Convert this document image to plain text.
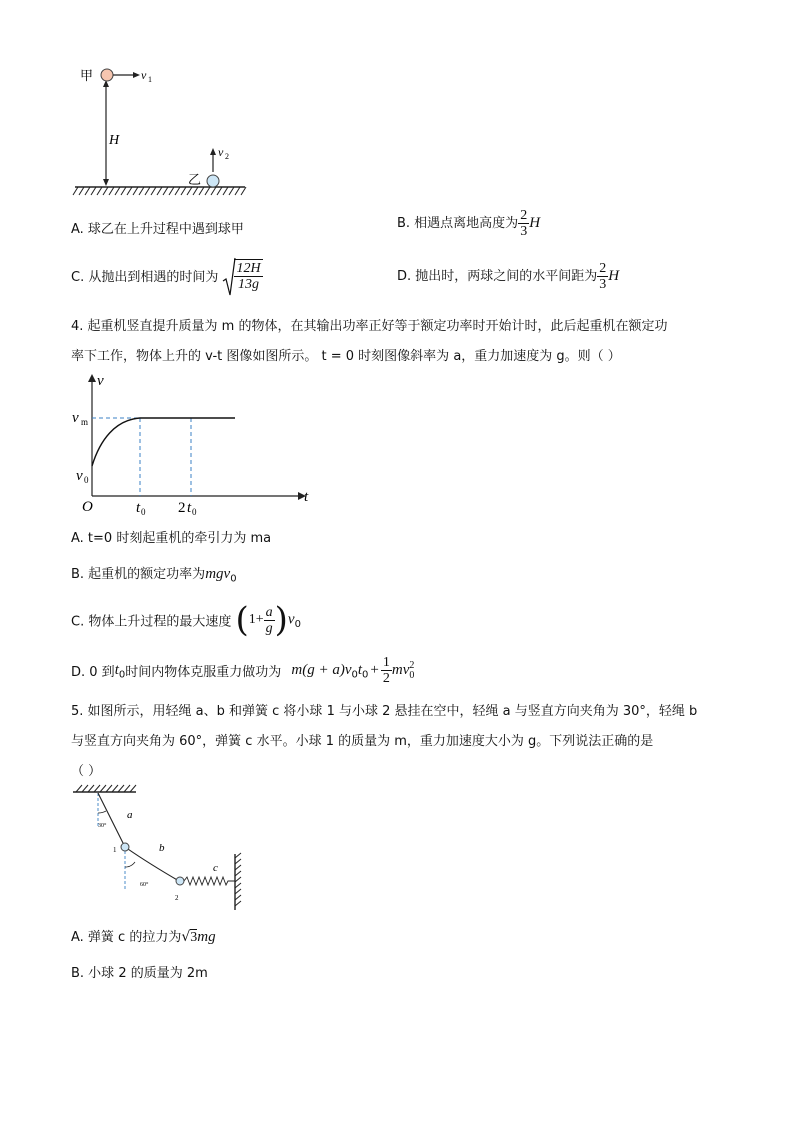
H
甲	v 1
乙
v 2
A. 球乙在上升过程中遇到球甲	B. 相遇点离地高度为 $\frac{2}{3}$ H
C. 从抛出到相遇的时间为 $\frac{12H}{13g}$	D. 抛出时，两球之间的水平间距为 $\frac{2}{3}$ H
4. 起重机竖直提升质量为 m 的物体，在其输出功率正好等于额定功率时开始计时，此后起重机在额定功
率下工作，物体上升的 v-t 图像如图所示。 t = 0 时刻图像斜率为 a，重力加速度为 g。则（ ）
v
t
O
v m
v 0
t 0 2 t 0
A. t=0 时刻起重机的牵引力为 ma
B. 起重机的额定功率为mgv$_0$
C. 物体上升过程的最大速度 $(1+ \frac{a}{g} )v_0$
D. 0 到$t_0$时间内物体克服重力做功为 $m(g + a)v_0t_0 + \frac{1}{2}$ mv 2
0
5. 如图所示，用轻绳 a、b 和弹簧 c 将小球 1 与小球 2 悬挂在空中，轻绳 a 与竖直方向夹角为 30°，轻绳 b
与竖直方向夹角为 60°，弹簧 c 水平。小球 1 的质量为 m，重力加速度大小为 g。下列说法正确的是
（ ）
30°
60°
a
b
c
1
2
A. 弹簧 c 的拉力为√3mg
B. 小球 2 的质量为 2m
